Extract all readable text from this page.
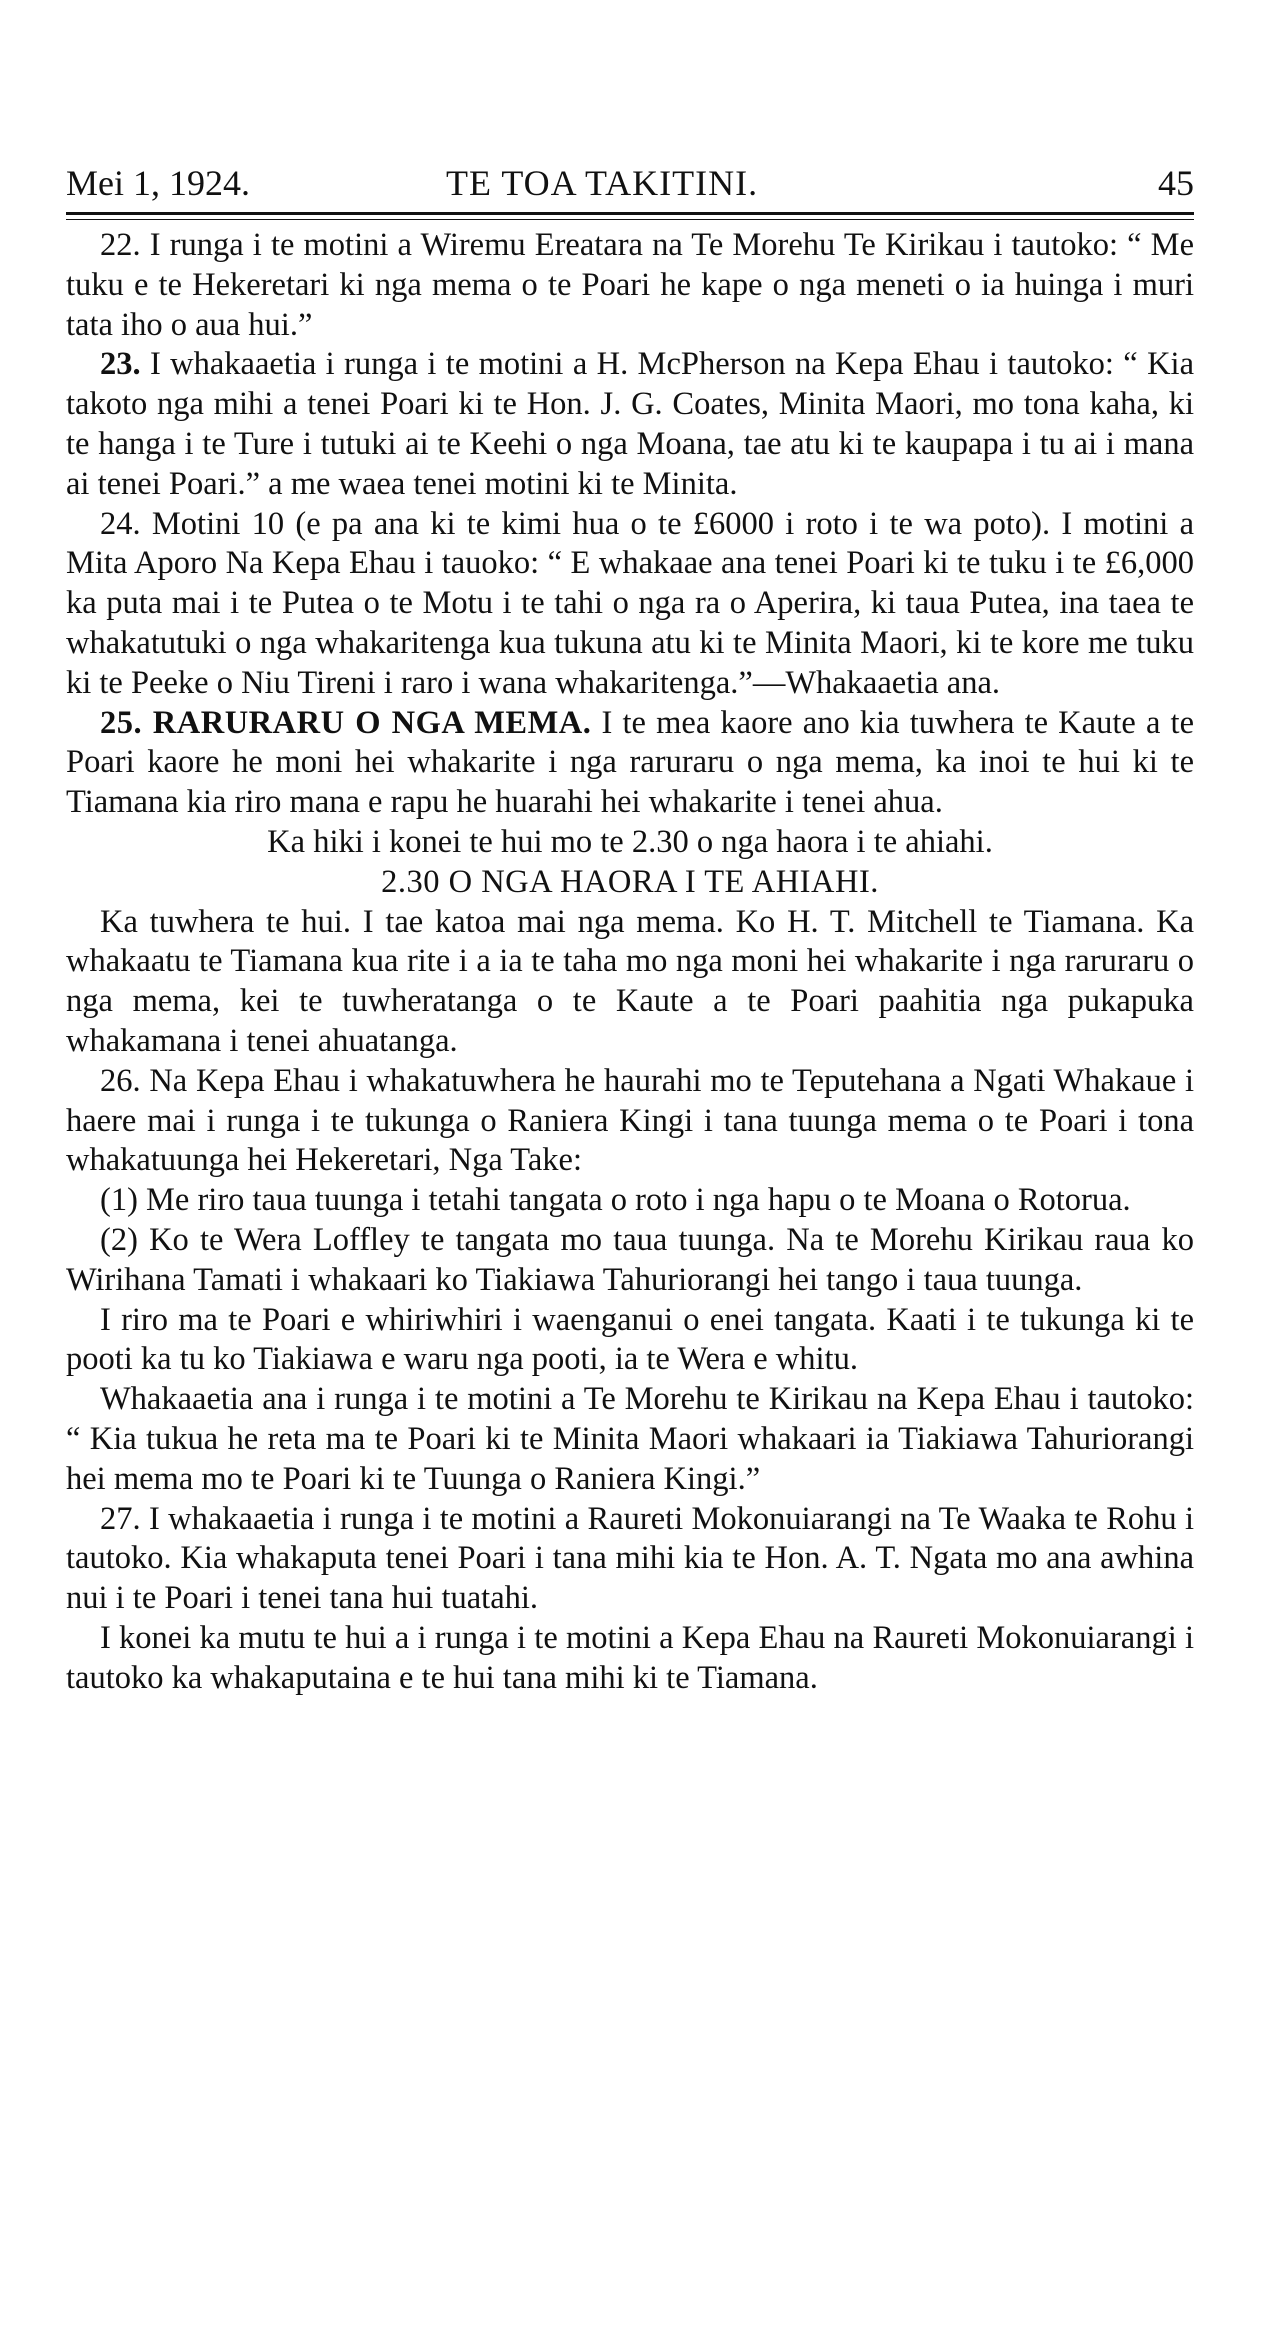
Mei 1, 1924.	TE TOA TAKITINI.	45

22. I runga i te motini a Wiremu Ereatara na Te Morehu Te Kirikau i tautoko: “ Me tuku e te Hekeretari ki nga mema o te Poari he kape o nga meneti o ia huinga i muri tata iho o aua hui.”

23. I whakaaetia i runga i te motini a H. McPherson na Kepa Ehau i tautoko: “ Kia takoto nga mihi a tenei Poari ki te Hon. J. G. Coates, Minita Maori, mo tona kaha, ki te hanga i te Ture i tutuki ai te Keehi o nga Moana, tae atu ki te kaupapa i tu ai i mana ai tenei Poari.” a me waea tenei motini ki te Minita.

24. Motini 10 (e pa ana ki te kimi hua o te £6000 i roto i te wa poto). I motini a Mita Aporo Na Kepa Ehau i tauoko: “ E whakaae ana tenei Poari ki te tuku i te £6,000 ka puta mai i te Putea o te Motu i te tahi o nga ra o Aperira, ki taua Putea, ina taea te whakatutuki o nga whakaritenga kua tukuna atu ki te Minita Maori, ki te kore me tuku ki te Peeke o Niu Tireni i raro i wana whakaritenga.”—Whakaaetia ana.

25. RARURARU O NGA MEMA. I te mea kaore ano kia tuwhera te Kaute a te Poari kaore he moni hei whakarite i nga raruraru o nga mema, ka inoi te hui ki te Tiamana kia riro mana e rapu he huarahi hei whakarite i tenei ahua.

Ka hiki i konei te hui mo te 2.30 o nga haora i te ahiahi.

2.30 O NGA HAORA I TE AHIAHI.

Ka tuwhera te hui. I tae katoa mai nga mema. Ko H. T. Mitchell te Tiamana. Ka whakaatu te Tiamana kua rite i a ia te taha mo nga moni hei whakarite i nga raruraru o nga mema, kei te tuwheratanga o te Kaute a te Poari paahitia nga pukapuka whakamana i tenei ahuatanga.

26. Na Kepa Ehau i whakatuwhera he haurahi mo te Teputehana a Ngati Whakaue i haere mai i runga i te tukunga o Raniera Kingi i tana tuunga mema o te Poari i tona whakatuunga hei Hekeretari, Nga Take:

(1) Me riro taua tuunga i tetahi tangata o roto i nga hapu o te Moana o Rotorua.

(2) Ko te Wera Loffley te tangata mo taua tuunga. Na te Morehu Kirikau raua ko Wirihana Tamati i whakaari ko Tiakiawa Tahuriorangi hei tango i taua tuunga.

I riro ma te Poari e whiriwhiri i waenganui o enei tangata. Kaati i te tukunga ki te pooti ka tu ko Tiakiawa e waru nga pooti, ia te Wera e whitu.

Whakaaetia ana i runga i te motini a Te Morehu te Kirikau na Kepa Ehau i tautoko: “ Kia tukua he reta ma te Poari ki te Minita Maori whakaari ia Tiakiawa Tahuriorangi hei mema mo te Poari ki te Tuunga o Raniera Kingi.”

27. I whakaaetia i runga i te motini a Raureti Mokonuiarangi na Te Waaka te Rohu i tautoko. Kia whakaputa tenei Poari i tana mihi kia te Hon. A. T. Ngata mo ana awhina nui i te Poari i tenei tana hui tuatahi.

I konei ka mutu te hui a i runga i te motini a Kepa Ehau na Raureti Mokonuiarangi i tautoko ka whakaputaina e te hui tana mihi ki te Tiamana.
